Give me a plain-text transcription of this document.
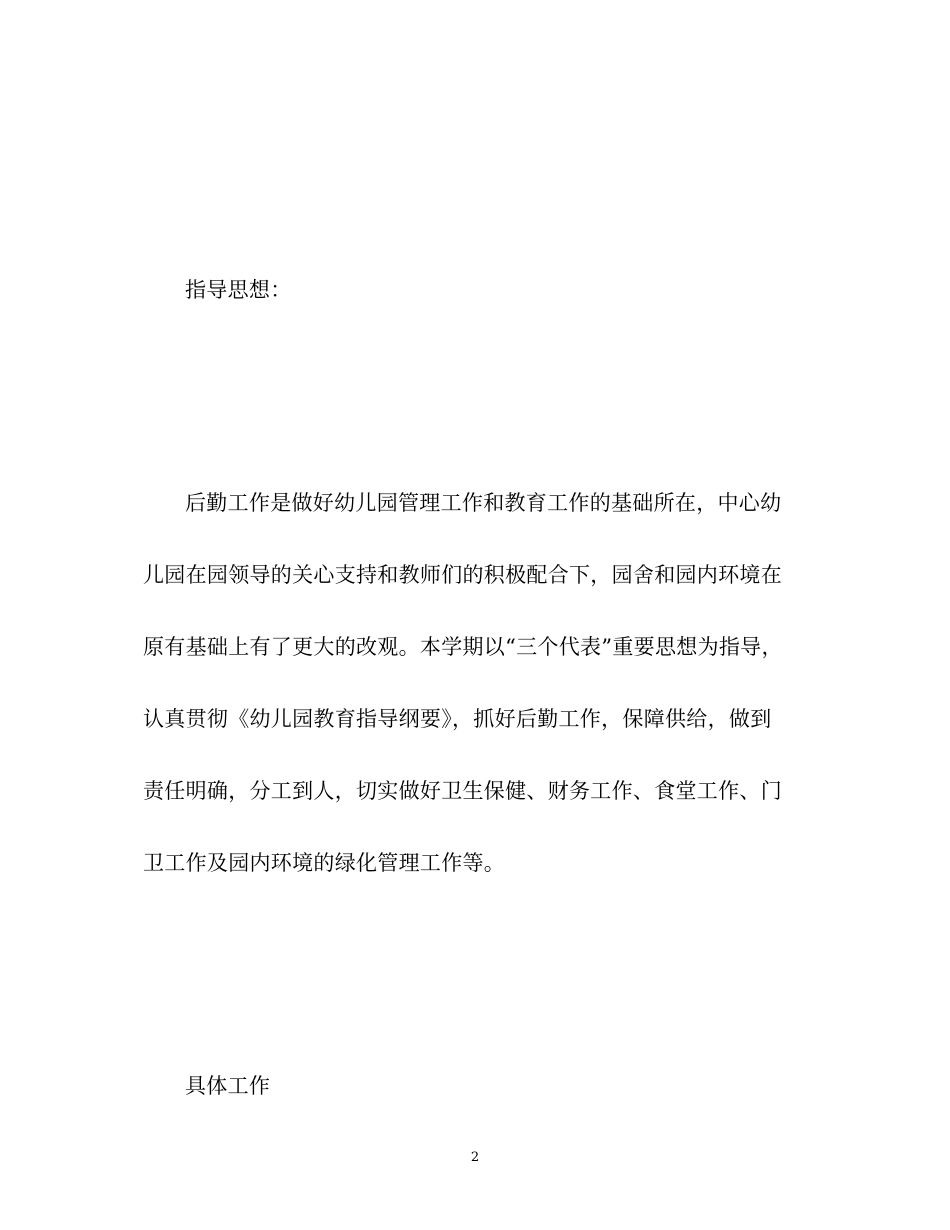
指导思想：
后勤工作是做好幼儿园管理工作和教育工作的基础所在，中心幼
儿园在园领导的关心支持和教师们的积极配合下，园舍和园内环境在
原有基础上有了更大的改观。本学期以“三个代表”重要思想为指导，
认真贯彻《幼儿园教育指导纲要》，抓好后勤工作，保障供给，做到
责任明确，分工到人，切实做好卫生保健、财务工作、食堂工作、门
卫工作及园内环境的绿化管理工作等。
具体工作
2
